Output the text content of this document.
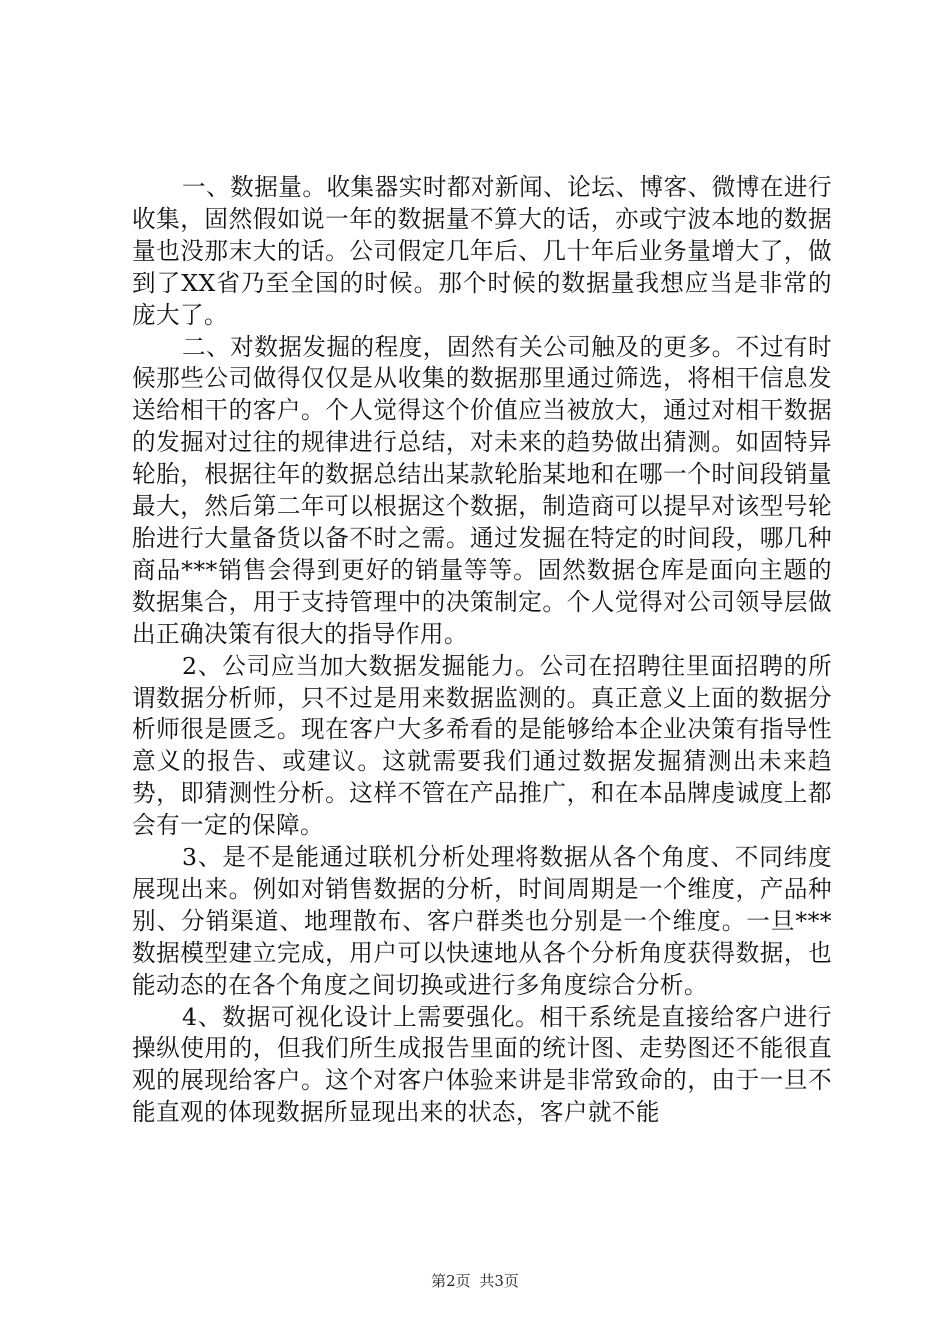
一、数据量。收集器实时都对新闻、论坛、博客、微博在进行收集，固然假如说一年的数据量不算大的话，亦或宁波本地的数据量也没那末大的话。公司假定几年后、几十年后业务量增大了，做到了XX省乃至全国的时候。那个时候的数据量我想应当是非常的庞大了。

二、对数据发掘的程度，固然有关公司触及的更多。不过有时候那些公司做得仅仅是从收集的数据那里通过筛选，将相干信息发送给相干的客户。个人觉得这个价值应当被放大，通过对相干数据的发掘对过往的规律进行总结，对未来的趋势做出猜测。如固特异轮胎，根据往年的数据总结出某款轮胎某地和在哪一个时间段销量最大，然后第二年可以根据这个数据，制造商可以提早对该型号轮胎进行大量备货以备不时之需。通过发掘在特定的时间段，哪几种商品***销售会得到更好的销量等等。固然数据仓库是面向主题的数据集合，用于支持管理中的决策制定。个人觉得对公司领导层做出正确决策有很大的指导作用。

2、公司应当加大数据发掘能力。公司在招聘往里面招聘的所谓数据分析师，只不过是用来数据监测的。真正意义上面的数据分析师很是匮乏。现在客户大多希看的是能够给本企业决策有指导性意义的报告、或建议。这就需要我们通过数据发掘猜测出未来趋势，即猜测性分析。这样不管在产品推广，和在本品牌虔诚度上都会有一定的保障。

3、是不是能通过联机分析处理将数据从各个角度、不同纬度展现出来。例如对销售数据的分析，时间周期是一个维度，产品种别、分销渠道、地理散布、客户群类也分别是一个维度。一旦***数据模型建立完成，用户可以快速地从各个分析角度获得数据，也能动态的在各个角度之间切换或进行多角度综合分析。

4、数据可视化设计上需要强化。相干系统是直接给客户进行操纵使用的，但我们所生成报告里面的统计图、走势图还不能很直观的展现给客户。这个对客户体验来讲是非常致命的，由于一旦不能直观的体现数据所显现出来的状态，客户就不能

第2页 共3页
